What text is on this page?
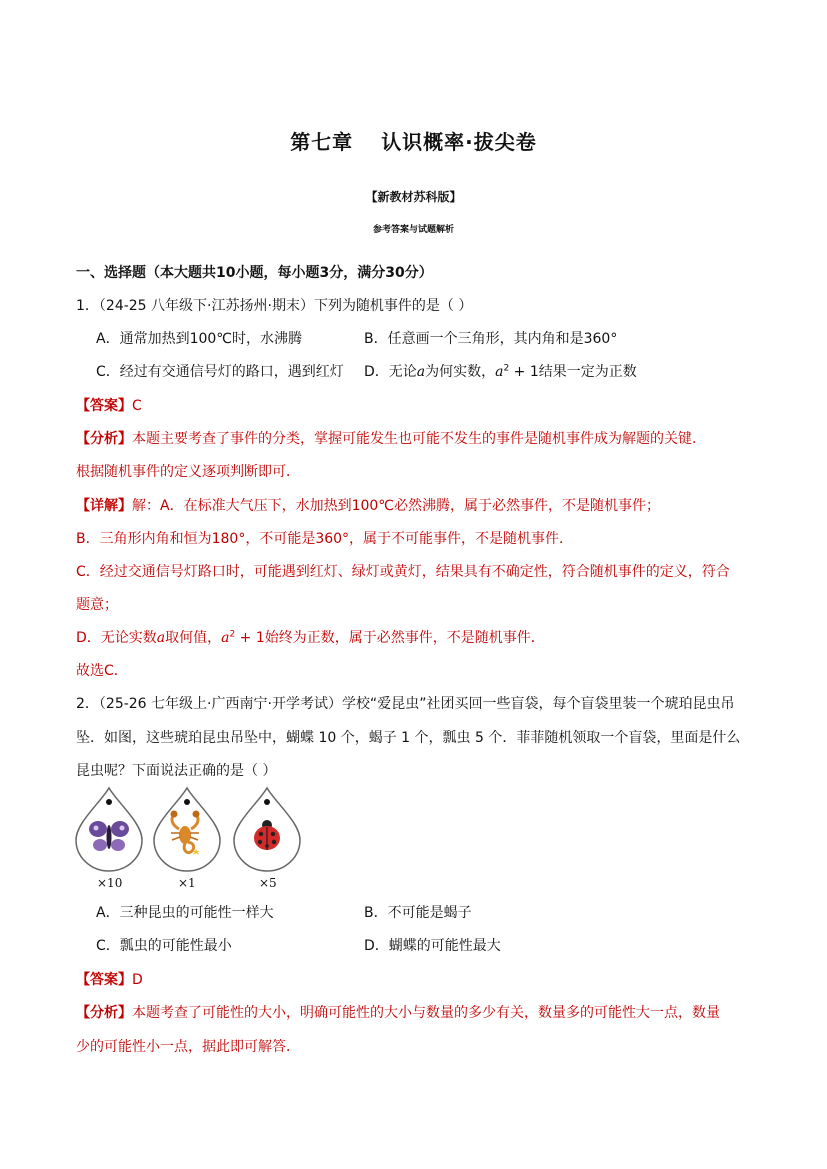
第七章 认识概率·拔尖卷
【新教材苏科版】
参考答案与试题解析
一、选择题（本大题共10小题，每小题3分，满分30分）
1．（24-25 八年级下·江苏扬州·期末）下列为随机事件的是（ ）
A．通常加热到100℃时，水沸腾	B．任意画一个三角形，其内角和是360°
C．经过有交通信号灯的路口，遇到红灯 D．无论a为何实数，$a^2 + 1$结果一定为正数
【答案】C
【分析】本题主要考查了事件的分类，掌握可能发生也可能不发生的事件是随机事件成为解题的关键．
根据随机事件的定义逐项判断即可．
【详解】解：A．在标准大气压下，水加热到100℃必然沸腾，属于必然事件，不是随机事件；
B．三角形内角和恒为180°，不可能是360°，属于不可能事件，不是随机事件．
C．经过交通信号灯路口时，可能遇到红灯、绿灯或黄灯，结果具有不确定性，符合随机事件的定义，符合
题意；
D．无论实数a取何值，$a^2 + 1$始终为正数，属于必然事件，不是随机事件．
故选C．
2．（25-26 七年级上·广西南宁·开学考试）学校“爱昆虫”社团买回一些盲袋，每个盲袋里装一个琥珀昆虫吊
坠．如图，这些琥珀昆虫吊坠中，蝴蝶 10 个，蝎子 1 个，瓢虫 5 个．菲菲随机领取一个盲袋，里面是什么
昆虫呢？下面说法正确的是（ ）
×10	×1	×5
A．三种昆虫的可能性一样大	B．不可能是蝎子
C．瓢虫的可能性最小	D．蝴蝶的可能性最大
【答案】D
【分析】本题考查了可能性的大小，明确可能性的大小与数量的多少有关，数量多的可能性大一点，数量
少的可能性小一点，据此即可解答．
